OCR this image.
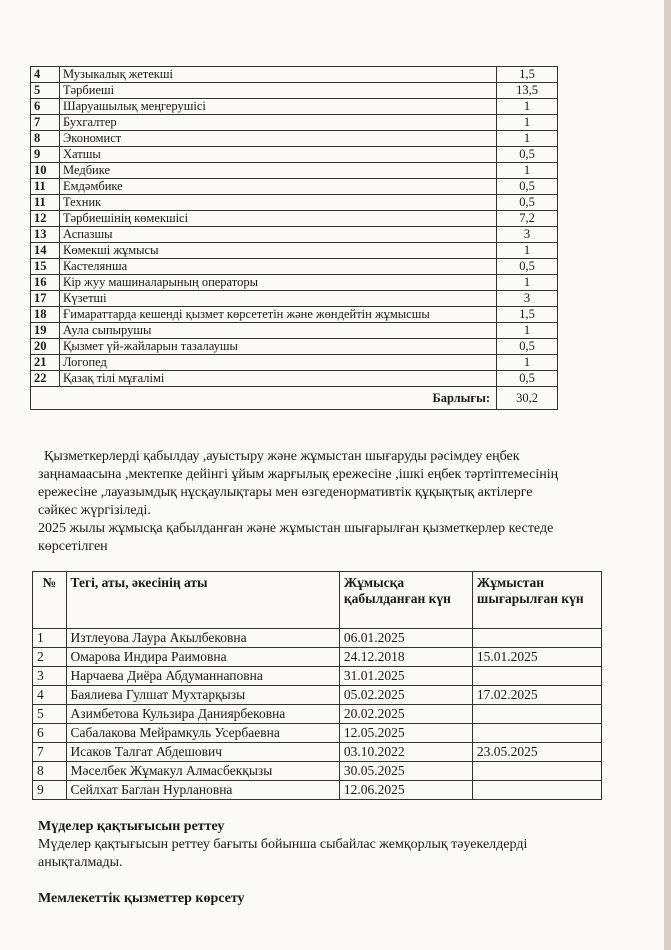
4	Музыкалық жетекші	1,5
5	Тәрбиеші	13,5
6	Шаруашылық меңгерушісі	1
7	Бухгалтер	1
8	Экономист	1
9	Хатшы	0,5
10	Медбике	1
11	Емдәмбике	0,5
11	Техник	0,5
12	Тәрбиешінің көмекшісі	7,2
13	Аспазшы	3
14	Көмекші жұмысы	1
15	Кастелянша	0,5
16	Кір жуу машиналарының операторы	1
17	Күзетші	3
18	Ғимараттарда кешенді қызмет көрсететін және жөндейтін жұмысшы	1,5
19	Аула сыпырушы	1
20	Қызмет үй-жайларын тазалаушы	0,5
21	Логопед	1
22	Қазақ тілі мұғалімі	0,5
Барлығы:		30,2

Қызметкерлерді қабылдау ,ауыстыру және жұмыстан шығаруды рәсімдеу еңбек

заңнамаасына ,мектепке дейінгі ұйым жарғылық ережесіне ,ішкі еңбек тәртіптемесінің

ережесіне ,лауазымдық нұсқаулықтары мен өзгеденормативтік құқықтық актілерге

сәйкес жүргізіледі.

2025 жылы жұмысқа қабылданған және жұмыстан шығарылған қызметкерлер кестеде

көрсетілген

№	Тегі, аты, әкесінің аты	Жұмысқа қабылданған күн	Жұмыстан шығарылған күн

1	Изтлеуова Лаура Акылбековна	06.01.2025	
2	Омарова Индира Раимовна	24.12.2018	15.01.2025
3	Нарчаева Диёра Абдуманнаповна	31.01.2025	
4	Баялиева Гулшат Мухтарқызы	05.02.2025	17.02.2025
5	Азимбетова Кульзира Даниярбековна	20.02.2025	
6	Сабалакова Мейрамкуль Усербаевна	12.05.2025	
7	Исаков Талгат Абдешович	03.10.2022	23.05.2025
8	Мәселбек Жұмакул Алмасбекқызы	30.05.2025	
9	Сейлхат Баглан Нурлановна	12.06.2025	
Мүделер қақтығысын реттеу

Мүделер қақтығысын реттеу бағыты бойынша сыбайлас жемқорлық тәуекелдерді

анықталмады.

Мемлекеттік қызметтер көрсету
